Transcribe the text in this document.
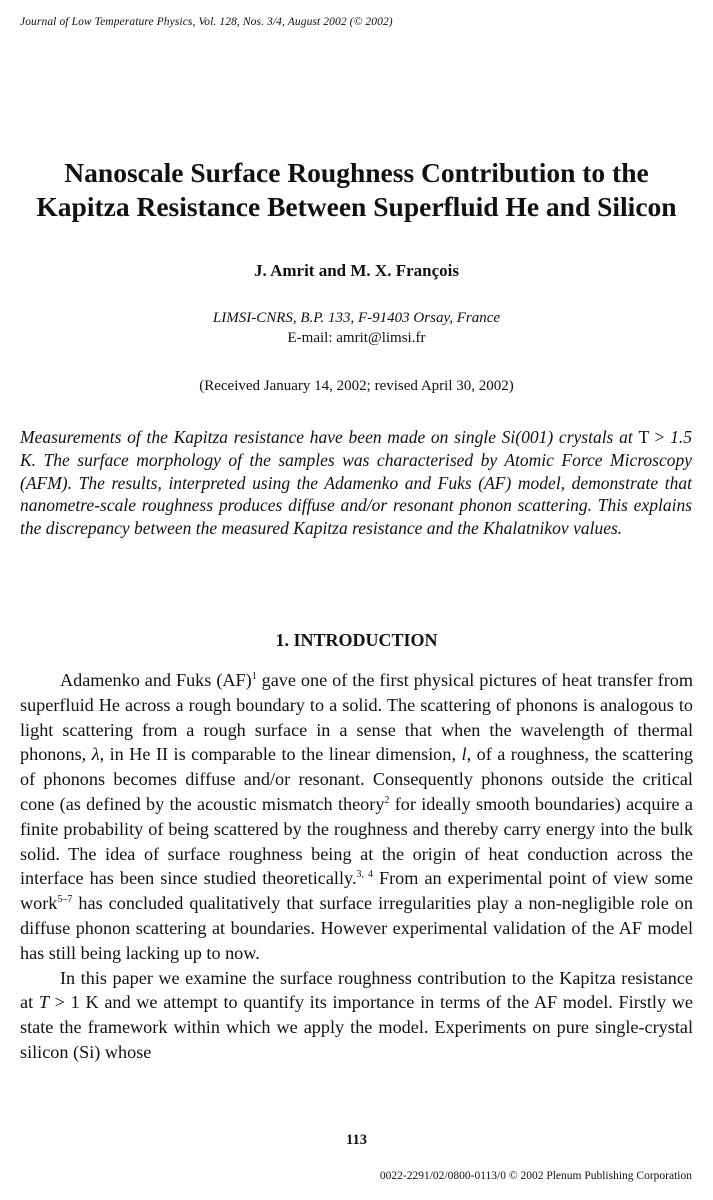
Journal of Low Temperature Physics, Vol. 128, Nos. 3/4, August 2002 (© 2002)
Nanoscale Surface Roughness Contribution to the
Kapitza Resistance Between Superfluid He and Silicon
J. Amrit and M. X. François
LIMSI-CNRS, B.P. 133, F-91403 Orsay, France
E-mail: amrit@limsi.fr
(Received January 14, 2002; revised April 30, 2002)

Measurements of the Kapitza resistance have been made on single Si(001) crystals at T > 1.5 K. The surface morphology of the samples was characterised by Atomic Force Microscopy (AFM). The results, interpreted using the Adamenko and Fuks (AF) model, demonstrate that nanometre-scale roughness produces diffuse and/or resonant phonon scattering. This explains the discrepancy between the measured Kapitza resistance and the Khalatnikov values.

1. INTRODUCTION

Adamenko and Fuks (AF)$^1$ gave one of the first physical pictures of heat transfer from superfluid He across a rough boundary to a solid. The scattering of phonons is analogous to light scattering from a rough surface in a sense that when the wavelength of thermal phonons, λ, in He II is comparable to the linear dimension, l, of a roughness, the scattering of phonons becomes diffuse and/or resonant. Consequently phonons outside the critical cone (as defined by the acoustic mismatch theory$^2$ for ideally smooth boundaries) acquire a finite probability of being scattered by the roughness and thereby carry energy into the bulk solid. The idea of surface roughness being at the origin of heat conduction across the interface has been since studied theoretically.$^{3, 4}$ From an experimental point of view some work$^{5-7}$ has concluded qualitatively that surface irregularities play a non-negligible role on diffuse phonon scattering at boundaries. However experimental validation of the AF model has still being lacking up to now.

In this paper we examine the surface roughness contribution to the Kapitza resistance at T > 1 K and we attempt to quantify its importance in terms of the AF model. Firstly we state the framework within which we apply the model. Experiments on pure single-crystal silicon (Si) whose

113
0022-2291/02/0800-0113/0 © 2002 Plenum Publishing Corporation
